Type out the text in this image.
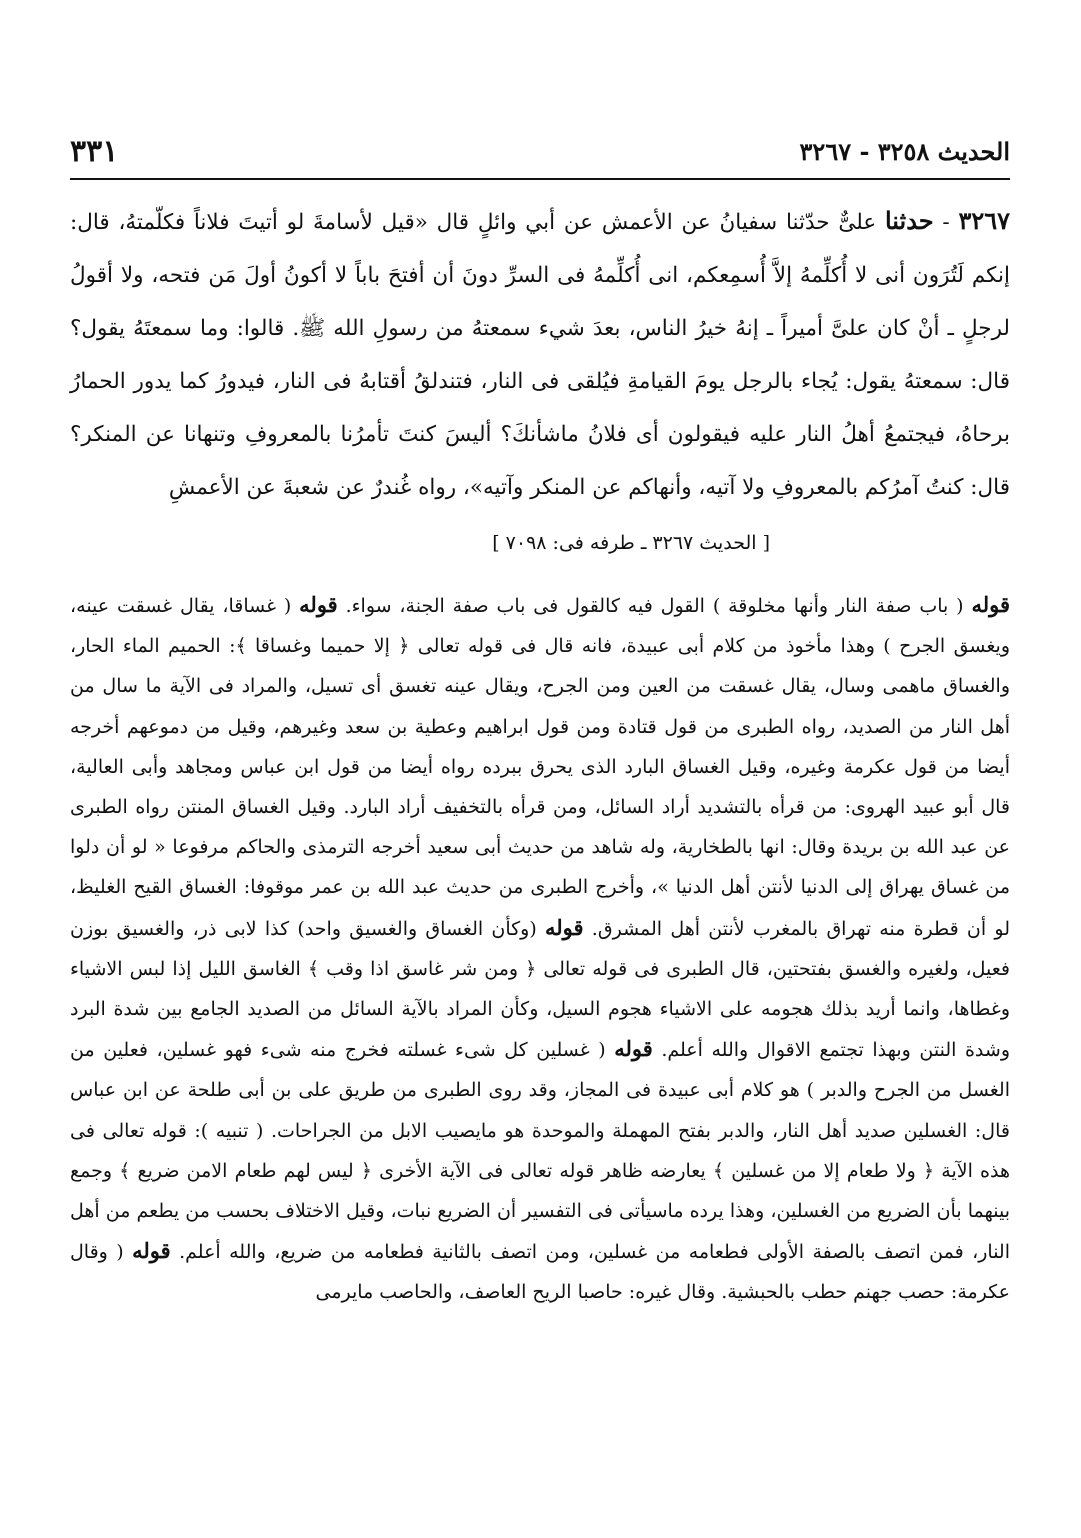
الحديث ٣٢٥٨ - ٣٢٦٧
٣٣١

٣٢٦٧ - حدثنا علىٌّ حدّثنا سفيانُ عن الأعمش عن أبي وائلٍ قال «قيل لأسامةَ لو أتيتَ فلاناً فكلّمتهُ، قال: إنكم لَتُرَون أنى لا أُكلِّمهُ إلاَّ أُسمِعكم، انى أُكلِّمهُ فى السرِّ دونَ أن أفتحَ باباً لا أكونُ أولَ مَن فتحه، ولا أقولُ لرجلٍ ـ أنْ كان علىَّ أميراً ـ إنهُ خيرُ الناس، بعدَ شيء سمعتهُ من رسولِ الله ﷺ. قالوا: وما سمعتَهُ يقول؟ قال: سمعتهُ يقول: يُجاء بالرجل يومَ القيامةِ فيُلقى فى النار، فتندلقُ أقتابهُ فى النار، فيدورُ كما يدور الحمارُ برحاهُ، فيجتمعُ أهلُ النار عليه فيقولون أى فلانُ ماشأنكَ؟ أليسَ كنتَ تأمرُنا بالمعروفِ وتنهانا عن المنكر؟ قال: كنتُ آمرُكم بالمعروفِ ولا آتيه، وأنهاكم عن المنكر وآتيه»، رواه غُندرٌ عن شعبةَ عن الأعمشِ

[ الحديث ٣٢٦٧ ـ طرفه فى: ٧٠٩٨ ]

قوله ( باب صفة النار وأنها مخلوقة ) القول فيه كالقول فى باب صفة الجنة، سواء. قوله ( غساقا، يقال غسقت عينه، ويغسق الجرح ) وهذا مأخوذ من كلام أبى عبيدة، فانه قال فى قوله تعالى ﴿ إلا حميما وغساقا ﴾: الحميم الماء الحار، والغساق ماهمى وسال، يقال غسقت من العين ومن الجرح، ويقال عينه تغسق أى تسيل، والمراد فى الآية ما سال من أهل النار من الصديد، رواه الطبرى من قول قتادة ومن قول ابراهيم وعطية بن سعد وغيرهم، وقيل من دموعهم أخرجه أيضا من قول عكرمة وغيره، وقيل الغساق البارد الذى يحرق ببرده رواه أيضا من قول ابن عباس ومجاهد وأبى العالية، قال أبو عبيد الهروى: من قرأه بالتشديد أراد السائل، ومن قرأه بالتخفيف أراد البارد. وقيل الغساق المنتن رواه الطبرى عن عبد الله بن بريدة وقال: انها بالطخارية، وله شاهد من حديث أبى سعيد أخرجه الترمذى والحاكم مرفوعا « لو أن دلوا من غساق يهراق إلى الدنيا لأنتن أهل الدنيا »، وأخرج الطبرى من حديث عبد الله بن عمر موقوفا: الغساق القيح الغليظ، لو أن قطرة منه تهراق بالمغرب لأنتن أهل المشرق. قوله (وكأن الغساق والغسيق واحد) كذا لابى ذر، والغسيق بوزن فعيل، ولغيره والغسق بفتحتين، قال الطبرى فى قوله تعالى ﴿ ومن شر غاسق اذا وقب ﴾ الغاسق الليل إذا لبس الاشياء وغطاها، وانما أريد بذلك هجومه على الاشياء هجوم السيل، وكأن المراد بالآية السائل من الصديد الجامع بين شدة البرد وشدة النتن وبهذا تجتمع الاقوال والله أعلم. قوله ( غسلين كل شىء غسلته فخرج منه شىء فهو غسلين، فعلين من الغسل من الجرح والدبر ) هو كلام أبى عبيدة فى المجاز، وقد روى الطبرى من طريق على بن أبى طلحة عن ابن عباس قال: الغسلين صديد أهل النار، والدبر بفتح المهملة والموحدة هو مايصيب الابل من الجراحات. ( تنبيه ): قوله تعالى فى هذه الآية ﴿ ولا طعام إلا من غسلين ﴾ يعارضه ظاهر قوله تعالى فى الآية الأخرى ﴿ ليس لهم طعام الامن ضريع ﴾ وجمع بينهما بأن الضريع من الغسلين، وهذا يرده ماسيأتى فى التفسير أن الضريع نبات، وقيل الاختلاف بحسب من يطعم من أهل النار، فمن اتصف بالصفة الأولى فطعامه من غسلين، ومن اتصف بالثانية فطعامه من ضريع، والله أعلم. قوله ( وقال عكرمة: حصب جهنم حطب بالحبشية. وقال غيره: حاصبا الريح العاصف، والحاصب مايرمى
